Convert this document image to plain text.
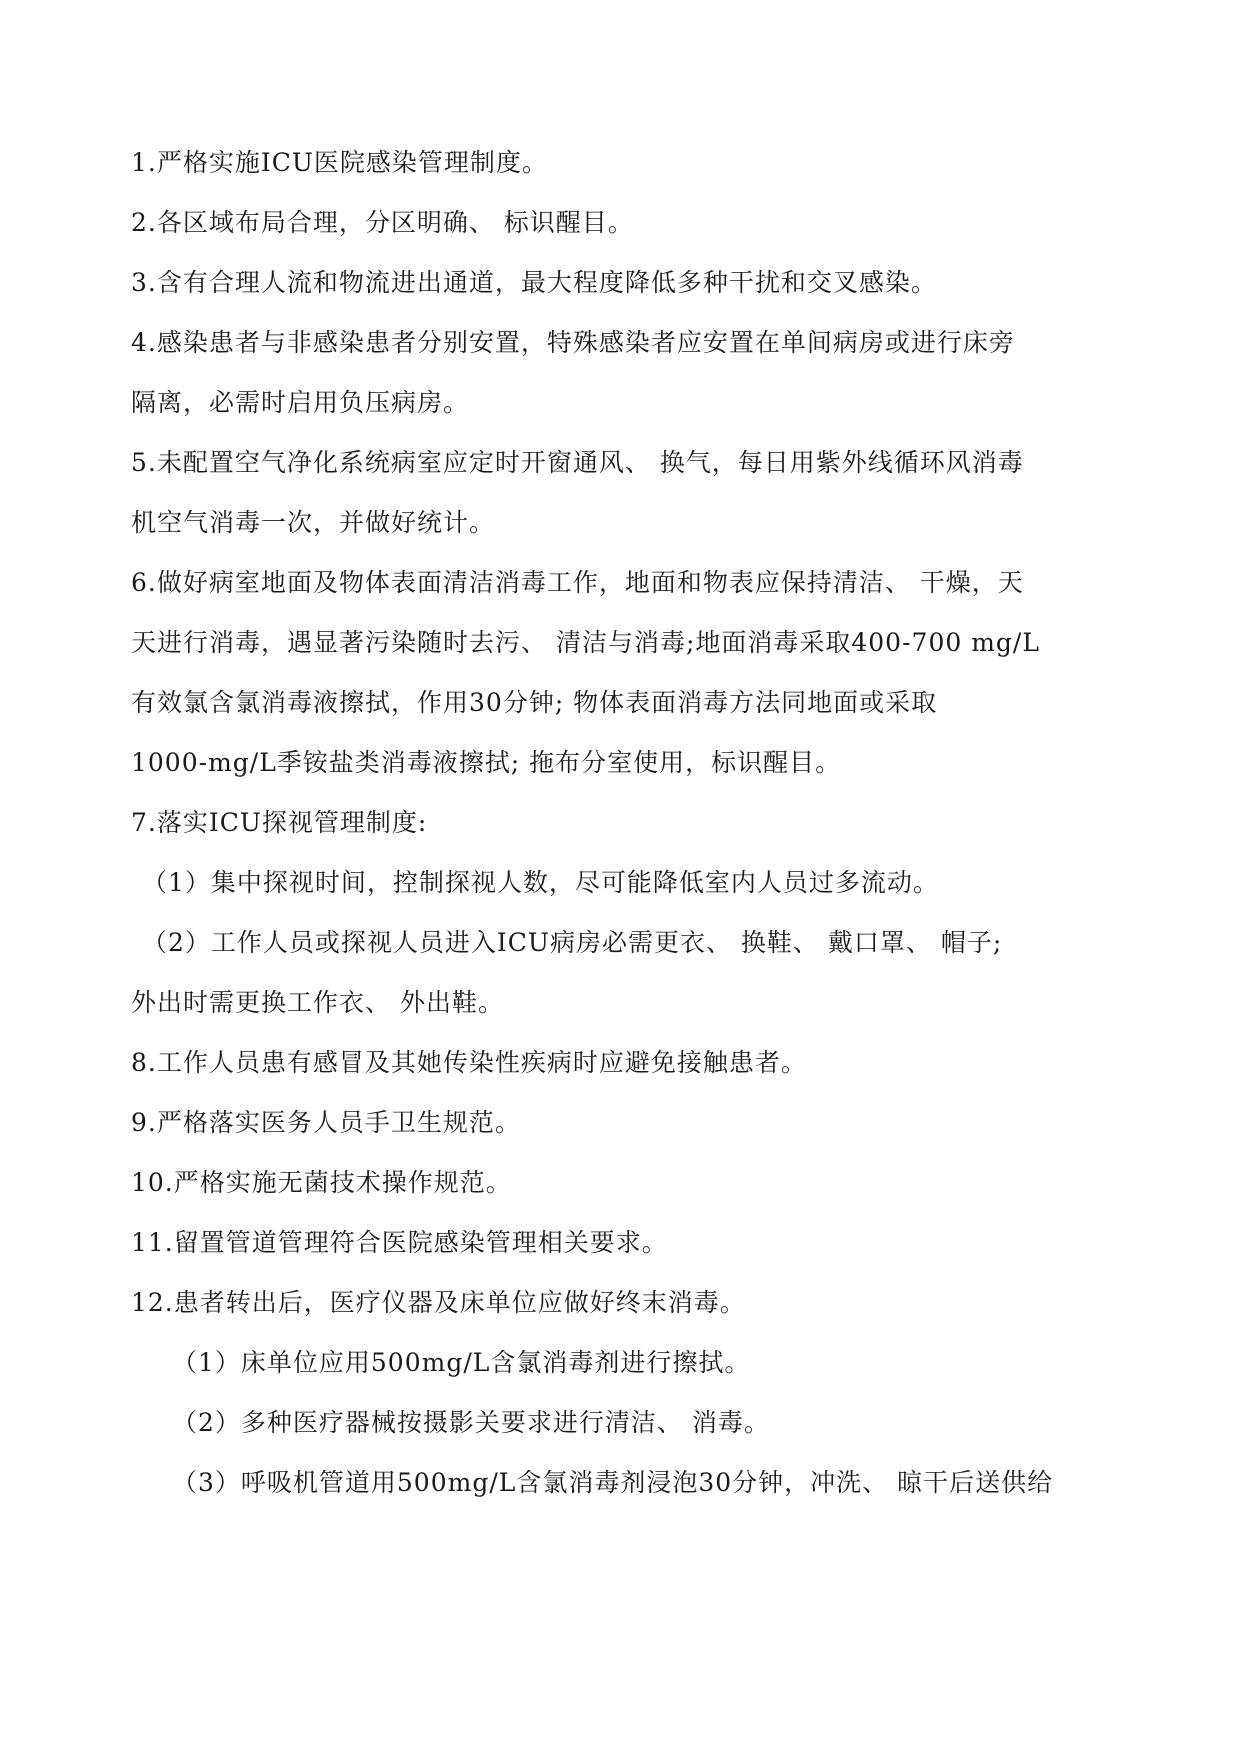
1.严格实施ICU医院感染管理制度。
2.各区域布局合理，分区明确、 标识醒目。
3.含有合理人流和物流进出通道，最大程度降低多种干扰和交叉感染。
4.感染患者与非感染患者分别安置，特殊感染者应安置在单间病房或进行床旁
隔离，必需时启用负压病房。
5.未配置空气净化系统病室应定时开窗通风、 换气，每日用紫外线循环风消毒
机空气消毒一次，并做好统计。
6.做好病室地面及物体表面清洁消毒工作，地面和物表应保持清洁、 干燥，天
天进行消毒，遇显著污染随时去污、 清洁与消毒;地面消毒采取400-700 mg/L
有效氯含氯消毒液擦拭，作用30分钟; 物体表面消毒方法同地面或采取
1000-mg/L季铵盐类消毒液擦拭; 拖布分室使用，标识醒目。
7.落实ICU探视管理制度:
（1）集中探视时间，控制探视人数，尽可能降低室内人员过多流动。
（2）工作人员或探视人员进入ICU病房必需更衣、 换鞋、 戴口罩、 帽子;
外出时需更换工作衣、 外出鞋。
8.工作人员患有感冒及其她传染性疾病时应避免接触患者。
9.严格落实医务人员手卫生规范。
10.严格实施无菌技术操作规范。
11.留置管道管理符合医院感染管理相关要求。
12.患者转出后，医疗仪器及床单位应做好终末消毒。
（1）床单位应用500mg/L含氯消毒剂进行擦拭。
（2）多种医疗器械按摄影关要求进行清洁、 消毒。
（3）呼吸机管道用500mg/L含氯消毒剂浸泡30分钟，冲洗、 晾干后送供给
